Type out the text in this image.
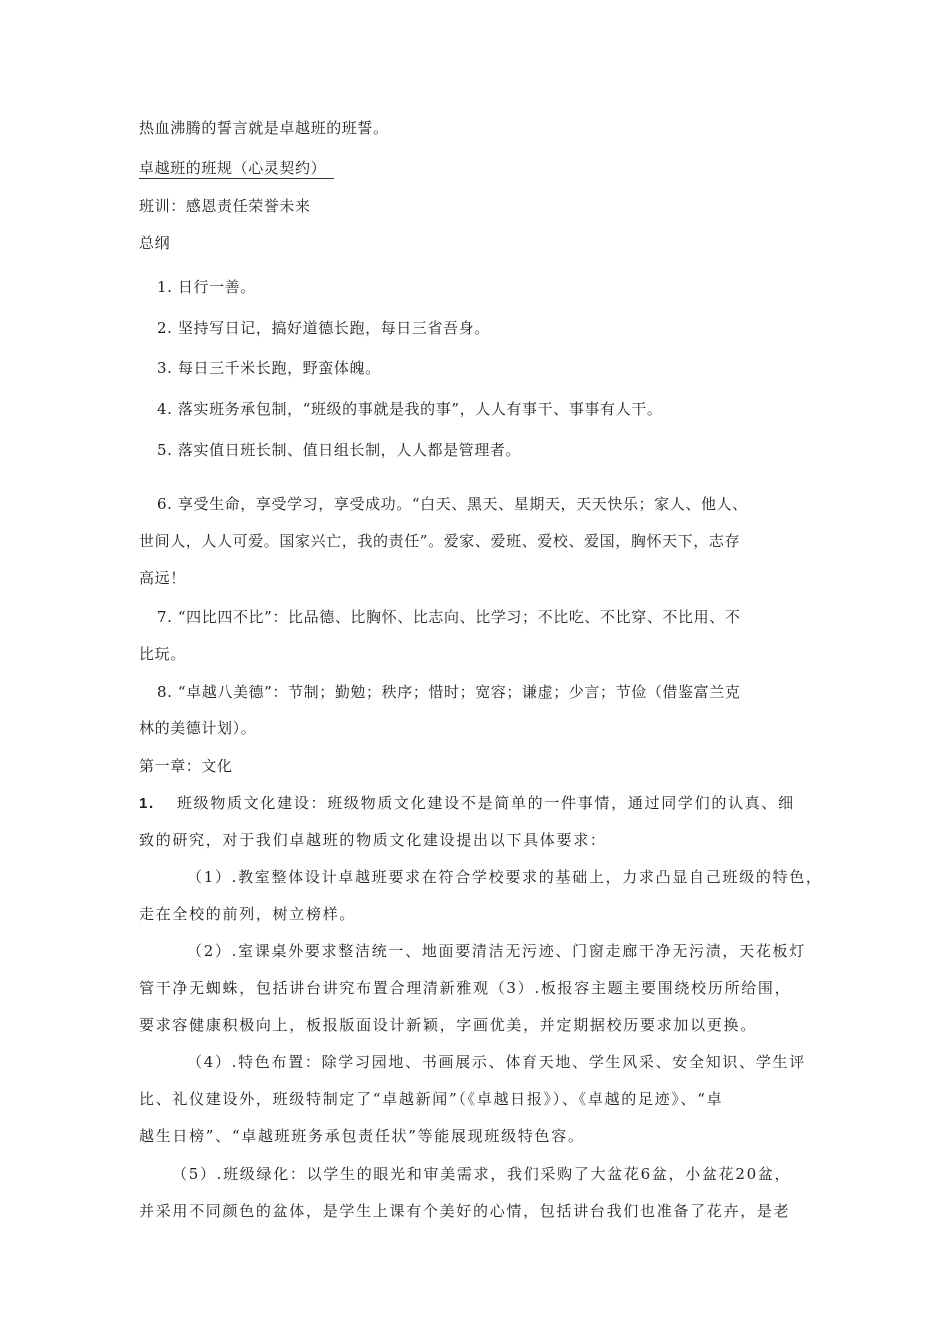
热血沸腾的誓言就是卓越班的班誓。

卓越班的班规（心灵契约）

班训：感恩责任荣誉未来

总纲

1. 日行一善。

2. 坚持写日记，搞好道德长跑，每日三省吾身。

3. 每日三千米长跑，野蛮体魄。

4. 落实班务承包制，“班级的事就是我的事”，人人有事干、事事有人干。

5. 落实值日班长制、值日组长制，人人都是管理者。

6. 享受生命，享受学习，享受成功。“白天、黑天、星期天，天天快乐；家人、他人、

世间人，人人可爱。国家兴亡，我的责任”。爱家、爱班、爱校、爱国，胸怀天下，志存

高远！

7. “四比四不比”：比品德、比胸怀、比志向、比学习；不比吃、不比穿、不比用、不

比玩。

8. “卓越八美德”：节制；勤勉；秩序；惜时；宽容；谦虚；少言；节俭（借鉴富兰克

林的美德计划）。

第一章：文化

1. 班级物质文化建设：班级物质文化建设不是简单的一件事情，通过同学们的认真、细

致的研究，对于我们卓越班的物质文化建设提出以下具体要求：

（1）.教室整体设计卓越班要求在符合学校要求的基础上，力求凸显自己班级的特色，

走在全校的前列，树立榜样。

（2）.室课桌外要求整洁统一、地面要清洁无污迹、门窗走廊干净无污渍，天花板灯

管干净无蜘蛛，包括讲台讲究布置合理清新雅观（3）.板报容主题主要围绕校历所给围，

要求容健康积极向上，板报版面设计新颖，字画优美，并定期据校历要求加以更换。

（4）.特色布置：除学习园地、书画展示、体育天地、学生风采、安全知识、学生评

比、礼仪建设外，班级特制定了“卓越新闻”（《卓越日报》）、《卓越的足迹》、“卓

越生日榜”、“卓越班班务承包责任状”等能展现班级特色容。

（5）.班级绿化：以学生的眼光和审美需求，我们采购了大盆花6盆，小盆花20盆，

并采用不同颜色的盆体，是学生上课有个美好的心情，包括讲台我们也准备了花卉，是老
